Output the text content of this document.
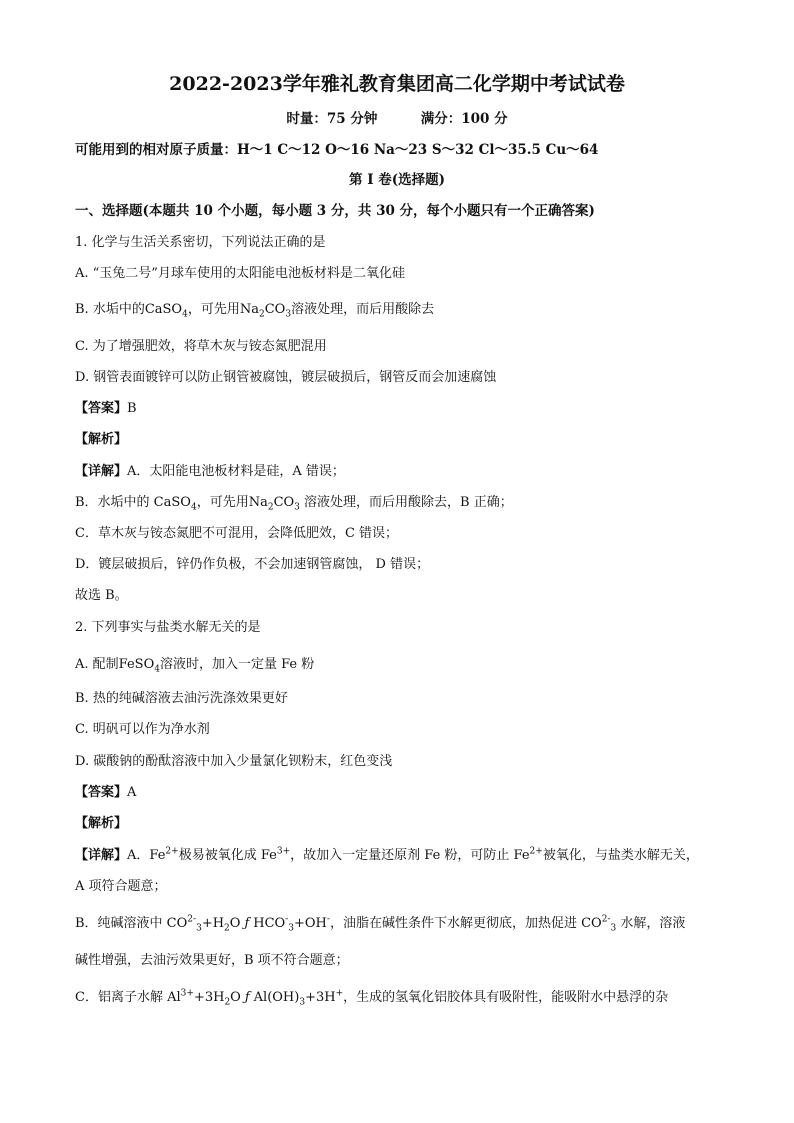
2022-2023学年雅礼教育集团高二化学期中考试试卷
时量：75 分钟	满分：100 分
可能用到的相对原子质量：H～1 C～12 O～16 Na～23 S～32 Cl～35.5 Cu～64
第 I 卷(选择题)
一、选择题(本题共 10 个小题，每小题 3 分，共 30 分，每个小题只有一个正确答案)
1. 化学与生活关系密切，下列说法正确的是
A. “玉兔二号”月球车使用的太阳能电池板材料是二氧化硅
B. 水垢中的CaSO$_4$，可先用$Na_2CO_3$溶液处理，而后用酸除去
C. 为了增强肥效，将草木灰与铵态氮肥混用
D. 钢管表面镀锌可以防止钢管被腐蚀，镀层破损后，钢管反而会加速腐蚀
【答案】B
【解析】
【详解】A．太阳能电池板材料是硅，A 错误；
B．水垢中的 CaSO$_4$，可先用$Na_2CO_3$ 溶液处理，而后用酸除去，B 正确；
C．草木灰与铵态氮肥不可混用，会降低肥效，C 错误；
D．镀层破损后，锌仍作负极，不会加速钢管腐蚀， D 错误；
故选 B。
2. 下列事实与盐类水解无关的是
A. 配制FeSO$_4$溶液时，加入一定量 Fe 粉
B. 热的纯碱溶液去油污洗涤效果更好
C. 明矾可以作为净水剂
D. 碳酸钠的酚酞溶液中加入少量氯化钡粉末，红色变浅
【答案】A
【解析】
【详解】A．$Fe^{2+}$极易被氧化成 $Fe^{3+}$，故加入一定量还原剂 Fe 粉，可防止 $Fe^{2+}$被氧化，与盐类水解无关，
A 项符合题意；
B．纯碱溶液中 $CO^{2-}_3+H_2O$ ƒ $HCO^-_3+OH^-$，油脂在碱性条件下水解更彻底，加热促进 $CO^{2-}_3$ 水解，溶液
碱性增强，去油污效果更好，B 项不符合题意；
C．铝离子水解 $Al^{3+}+3H_2O$ ƒ $Al(OH)_3+3H^+$，生成的氢氧化铝胶体具有吸附性，能吸附水中悬浮的杂
